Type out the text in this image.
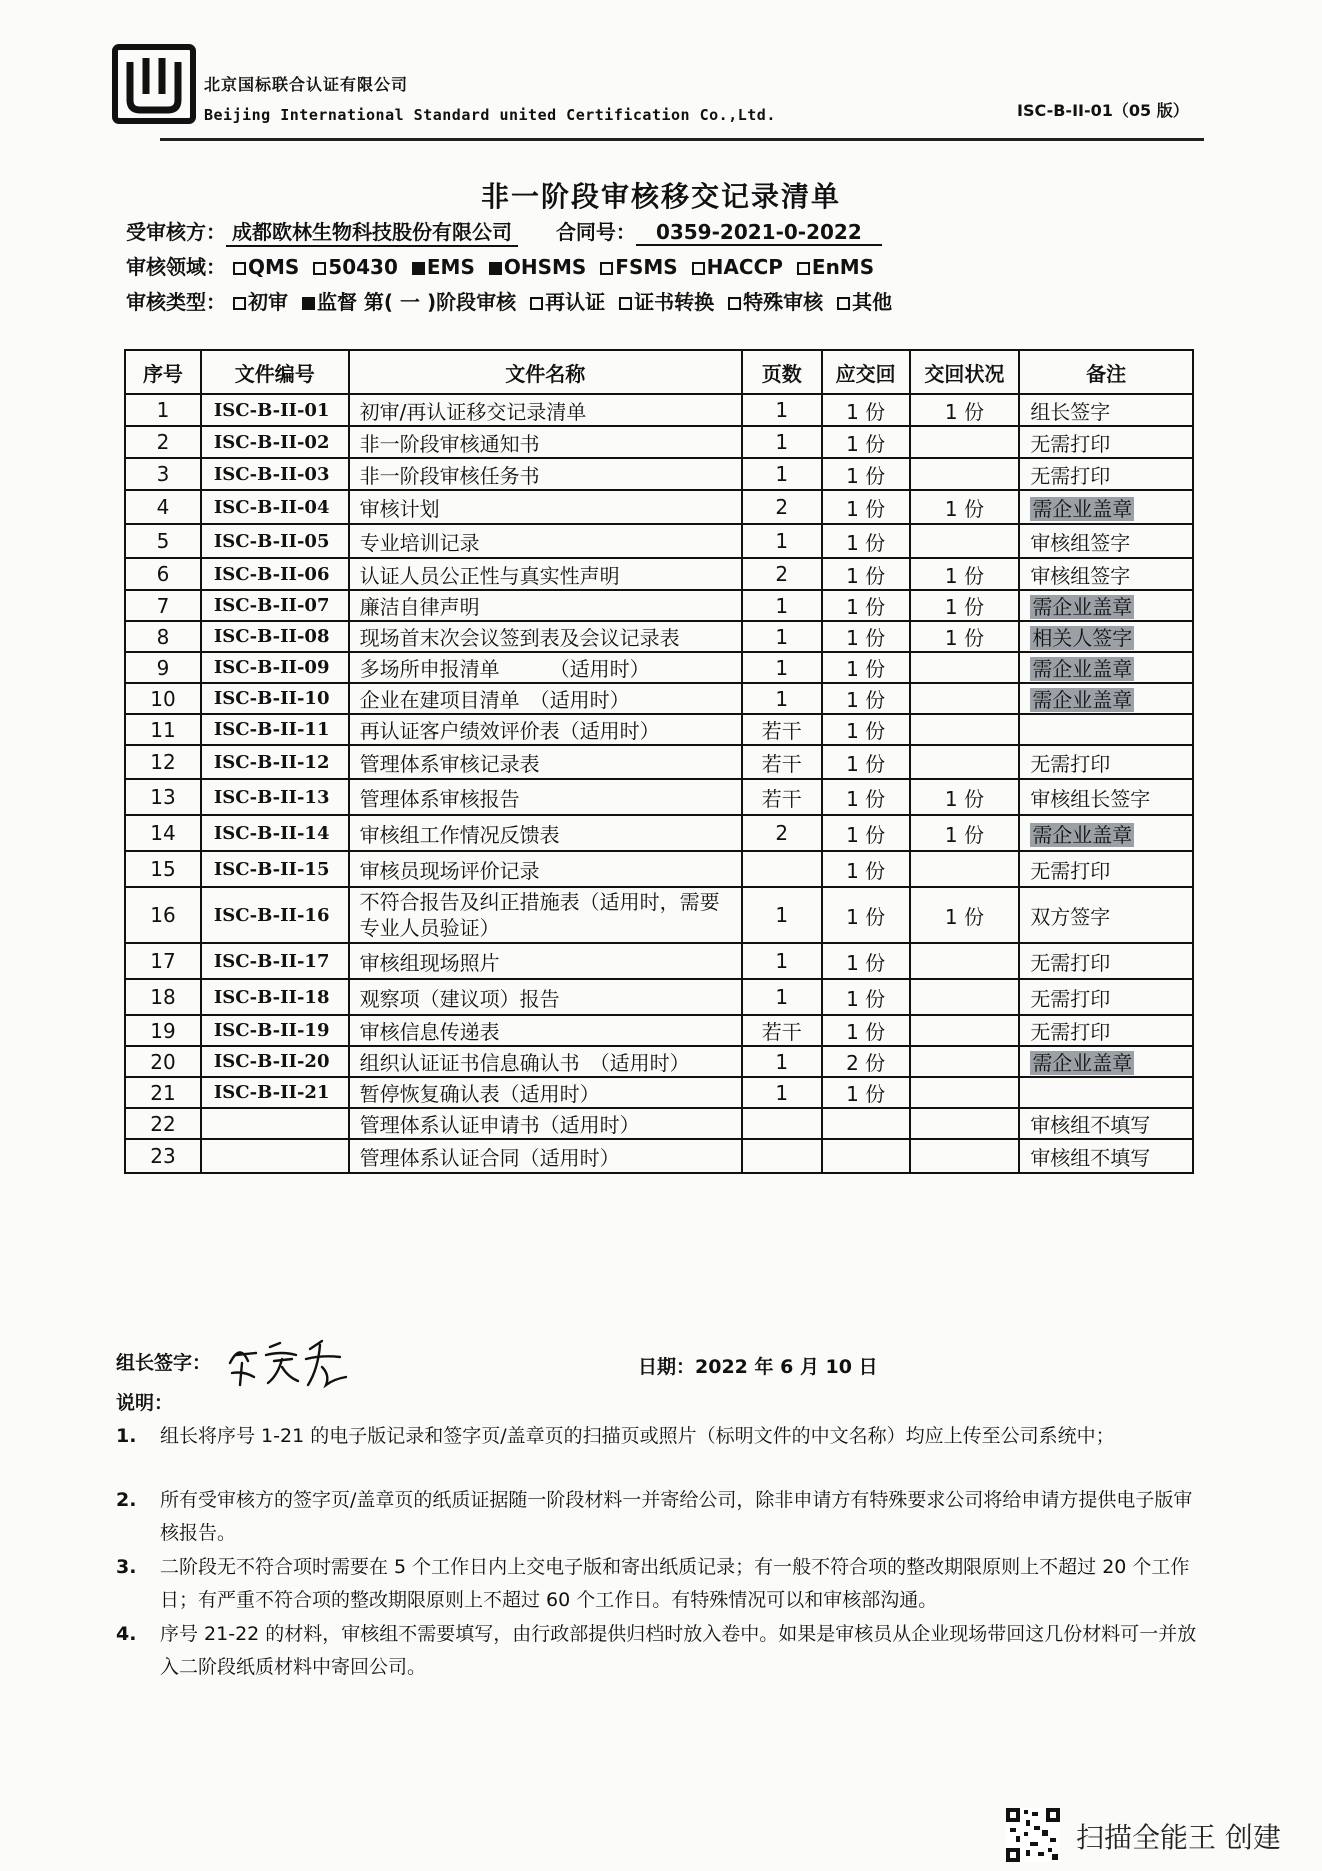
北京国标联合认证有限公司
Beijing International Standard united Certification Co.,Ltd.	ISC-B-II-01（05 版）
非一阶段审核移交记录清单
受审核方： 成都欧林生物科技股份有限公司 合同号： 0359-2021-0-2022
审核领域： QMS 50430 EMS OHSMS FSMS HACCP EnMS
审核类型： 初审 监督 第( 一 )阶段审核 再认证 证书转换 特殊审核 其他
序号	文件编号	文件名称	页数	应交回	交回状况	备注
1	ISC-B-II-01	初审/再认证移交记录清单	1	1 份	1 份	组长签字
2	ISC-B-II-02	非一阶段审核通知书	1	1 份		无需打印
3	ISC-B-II-03	非一阶段审核任务书	1	1 份		无需打印
4	ISC-B-II-04	审核计划	2	1 份	1 份	需企业盖章
5	ISC-B-II-05	专业培训记录	1	1 份		审核组签字
6	ISC-B-II-06	认证人员公正性与真实性声明	2	1 份	1 份	审核组签字
7	ISC-B-II-07	廉洁自律声明	1	1 份	1 份	需企业盖章
8	ISC-B-II-08	现场首末次会议签到表及会议记录表	1	1 份	1 份	相关人签字
9	ISC-B-II-09	多场所申报清单　　　（适用时）	1	1 份		需企业盖章
10	ISC-B-II-10	企业在建项目清单　（适用时）	1	1 份		需企业盖章
11	ISC-B-II-11	再认证客户绩效评价表（适用时）	若干	1 份		
12	ISC-B-II-12	管理体系审核记录表	若干	1 份		无需打印
13	ISC-B-II-13	管理体系审核报告	若干	1 份	1 份	审核组长签字
14	ISC-B-II-14	审核组工作情况反馈表	2	1 份	1 份	需企业盖章
15	ISC-B-II-15	审核员现场评价记录		1 份		无需打印
16	ISC-B-II-16	不符合报告及纠正措施表（适用时，需要专业人员验证）	1	1 份	1 份	双方签字
17	ISC-B-II-17	审核组现场照片	1	1 份		无需打印
18	ISC-B-II-18	观察项（建议项）报告	1	1 份		无需打印
19	ISC-B-II-19	审核信息传递表	若干	1 份		无需打印
20	ISC-B-II-20	组织认证证书信息确认书　（适用时）	1	2 份		需企业盖章
21	ISC-B-II-21	暂停恢复确认表（适用时）	1	1 份		
22		管理体系认证申请书（适用时）				审核组不填写
23		管理体系认证合同（适用时）				审核组不填写
组长签字：	日期：2022 年 6 月 10 日
说明：
1. 组长将序号 1-21 的电子版记录和签字页/盖章页的扫描页或照片（标明文件的中文名称）均应上传至公司系统中；
2. 所有受审核方的签字页/盖章页的纸质证据随一阶段材料一并寄给公司，除非申请方有特殊要求公司将给申请方提供电子版审核报告。
3. 二阶段无不符合项时需要在 5 个工作日内上交电子版和寄出纸质记录；有一般不符合项的整改期限原则上不超过 20 个工作日；有严重不符合项的整改期限原则上不超过 60 个工作日。有特殊情况可以和审核部沟通。
4. 序号 21-22 的材料，审核组不需要填写，由行政部提供归档时放入卷中。如果是审核员从企业现场带回这几份材料可一并放入二阶段纸质材料中寄回公司。
扫描全能王 创建
